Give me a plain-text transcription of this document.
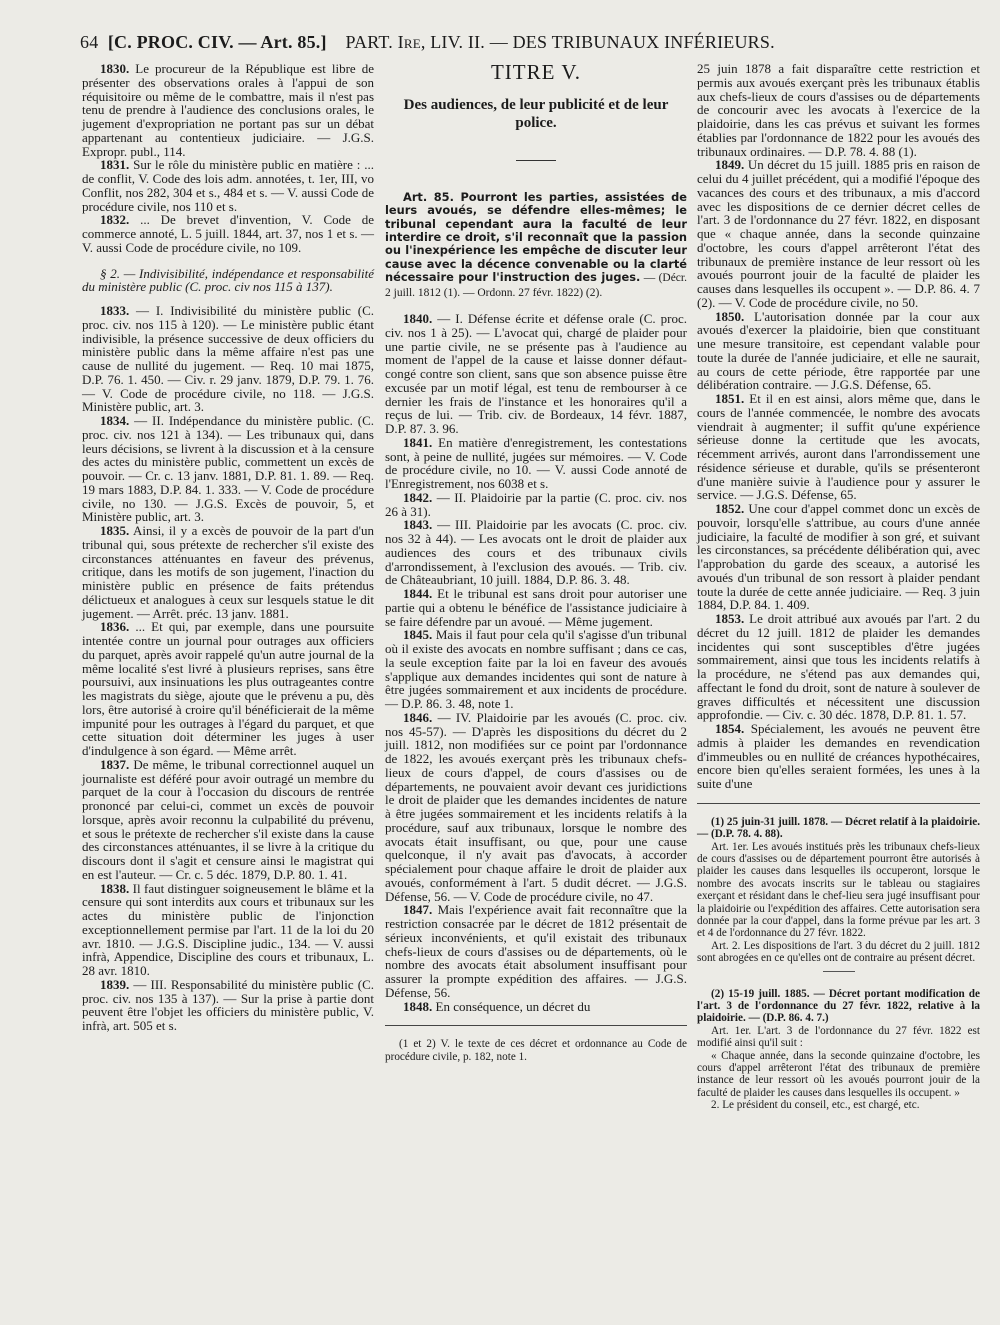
64 [C. PROC. CIV. — Art. 85.] PART. Ire, LIV. II. — DES TRIBUNAUX INFÉRIEURS.

1830. Le procureur de la République est libre de présenter des observations orales à l'appui de son réquisitoire ou même de le combattre, mais il n'est pas tenu de prendre à l'audience des conclusions orales, le jugement d'expropriation ne portant pas sur un débat appartenant au contentieux judiciaire. — J.G.S. Expropr. publ., 114.

1831. Sur le rôle du ministère public en matière : ... de conflit, V. Code des lois adm. annotées, t. 1er, III, vo Conflit, nos 282, 304 et s., 484 et s. — V. aussi Code de procédure civile, nos 110 et s.

1832. ... De brevet d'invention, V. Code de commerce annoté, L. 5 juill. 1844, art. 37, nos 1 et s. — V. aussi Code de procédure civile, no 109.

§ 2. — Indivisibilité, indépendance et responsabilité du ministère public (C. proc. civ nos 115 à 137).

1833. — I. Indivisibilité du ministère public (C. proc. civ. nos 115 à 120). — Le ministère public étant indivisible, la présence successive de deux officiers du ministère public dans la même affaire n'est pas une cause de nullité du jugement. — Req. 10 mai 1875, D.P. 76. 1. 450. — Civ. r. 29 janv. 1879, D.P. 79. 1. 76. — V. Code de procédure civile, no 118. — J.G.S. Ministère public, art. 3.

1834. — II. Indépendance du ministère public. (C. proc. civ. nos 121 à 134). — Les tribunaux qui, dans leurs décisions, se livrent à la discussion et à la censure des actes du ministère public, commettent un excès de pouvoir. — Cr. c. 13 janv. 1881, D.P. 81. 1. 89. — Req. 19 mars 1883, D.P. 84. 1. 333. — V. Code de procédure civile, no 130. — J.G.S. Excès de pouvoir, 5, et Ministère public, art. 3.

1835. Ainsi, il y a excès de pouvoir de la part d'un tribunal qui, sous prétexte de rechercher s'il existe des circonstances atténuantes en faveur des prévenus, critique, dans les motifs de son jugement, l'inaction du ministère public en présence de faits prétendus délictueux et analogues à ceux sur lesquels statue le dit jugement. — Arrêt. préc. 13 janv. 1881.

1836. ... Et qui, par exemple, dans une poursuite intentée contre un journal pour outrages aux officiers du parquet, après avoir rappelé qu'un autre journal de la même localité s'est livré à plusieurs reprises, sans être poursuivi, aux insinuations les plus outrageantes contre les magistrats du siège, ajoute que le prévenu a pu, dès lors, être autorisé à croire qu'il bénéficierait de la même impunité pour les outrages à l'égard du parquet, et que cette situation doit déterminer les juges à user d'indulgence à son égard. — Même arrêt.

1837. De même, le tribunal correctionnel auquel un journaliste est déféré pour avoir outragé un membre du parquet de la cour à l'occasion du discours de rentrée prononcé par celui-ci, commet un excès de pouvoir lorsque, après avoir reconnu la culpabilité du prévenu, et sous le prétexte de rechercher s'il existe dans la cause des circonstances atténuantes, il se livre à la critique du discours dont il s'agit et censure ainsi le magistrat qui en est l'auteur. — Cr. c. 5 déc. 1879, D.P. 80. 1. 41.

1838. Il faut distinguer soigneusement le blâme et la censure qui sont interdits aux cours et tribunaux sur les actes du ministère public de l'injonction exceptionnellement permise par l'art. 11 de la loi du 20 avr. 1810. — J.G.S. Discipline judic., 134. — V. aussi infrà, Appendice, Discipline des cours et tribunaux, L. 28 avr. 1810.

1839. — III. Responsabilité du ministère public (C. proc. civ. nos 135 à 137). — Sur la prise à partie dont peuvent être l'objet les officiers du ministère public, V. infrà, art. 505 et s.

TITRE V.

Des audiences, de leur publicité et de leur police.

Art. 85. Pourront les parties, assistées de leurs avoués, se défendre elles-mêmes; le tribunal cependant aura la faculté de leur interdire ce droit, s'il reconnaît que la passion ou l'inexpérience les empêche de discuter leur cause avec la décence convenable ou la clarté nécessaire pour l'instruction des juges. — (Décr. 2 juill. 1812 (1). — Ordonn. 27 févr. 1822) (2).

1840. — I. Défense écrite et défense orale (C. proc. civ. nos 1 à 25). — L'avocat qui, chargé de plaider pour une partie civile, ne se présente pas à l'audience au moment de l'appel de la cause et laisse donner défaut-congé contre son client, sans que son absence puisse être excusée par un motif légal, est tenu de rembourser à ce dernier les frais de l'instance et les honoraires qu'il a reçus de lui. — Trib. civ. de Bordeaux, 14 févr. 1887, D.P. 87. 3. 96.

1841. En matière d'enregistrement, les contestations sont, à peine de nullité, jugées sur mémoires. — V. Code de procédure civile, no 10. — V. aussi Code annoté de l'Enregistrement, nos 6038 et s.

1842. — II. Plaidoirie par la partie (C. proc. civ. nos 26 à 31).

1843. — III. Plaidoirie par les avocats (C. proc. civ. nos 32 à 44). — Les avocats ont le droit de plaider aux audiences des cours et des tribunaux civils d'arrondissement, à l'exclusion des avoués. — Trib. civ. de Châteaubriant, 10 juill. 1884, D.P. 86. 3. 48.

1844. Et le tribunal est sans droit pour autoriser une partie qui a obtenu le bénéfice de l'assistance judiciaire à se faire défendre par un avoué. — Même jugement.

1845. Mais il faut pour cela qu'il s'agisse d'un tribunal où il existe des avocats en nombre suffisant ; dans ce cas, la seule exception faite par la loi en faveur des avoués s'applique aux demandes incidentes qui sont de nature à être jugées sommairement et aux incidents de procédure. — D.P. 86. 3. 48, note 1.

1846. — IV. Plaidoirie par les avoués (C. proc. civ. nos 45-57). — D'après les dispositions du décret du 2 juill. 1812, non modifiées sur ce point par l'ordonnance de 1822, les avoués exerçant près les tribunaux chefs-lieux de cours d'appel, de cours d'assises ou de départements, ne pouvaient avoir devant ces juridictions le droit de plaider que les demandes incidentes de nature à être jugées sommairement et les incidents relatifs à la procédure, sauf aux tribunaux, lorsque le nombre des avocats était insuffisant, ou que, pour une cause quelconque, il n'y avait pas d'avocats, à accorder spécialement pour chaque affaire le droit de plaider aux avoués, conformément à l'art. 5 dudit décret. — J.G.S. Défense, 56. — V. Code de procédure civile, no 47.

1847. Mais l'expérience avait fait reconnaître que la restriction consacrée par le décret de 1812 présentait de sérieux inconvénients, et qu'il existait des tribunaux chefs-lieux de cours d'assises ou de départements, où le nombre des avocats était absolument insuffisant pour assurer la prompte expédition des affaires. — J.G.S. Défense, 56.

1848. En conséquence, un décret du

(1 et 2) V. le texte de ces décret et ordonnance au Code de procédure civile, p. 182, note 1.

25 juin 1878 a fait disparaître cette restriction et permis aux avoués exerçant près les tribunaux établis aux chefs-lieux de cours d'assises ou de départements de concourir avec les avocats à l'exercice de la plaidoirie, dans les cas prévus et suivant les formes établies par l'ordonnance de 1822 pour les avoués des tribunaux ordinaires. — D.P. 78. 4. 88 (1).

1849. Un décret du 15 juill. 1885 pris en raison de celui du 4 juillet précédent, qui a modifié l'époque des vacances des cours et des tribunaux, a mis d'accord avec les dispositions de ce dernier décret celles de l'art. 3 de l'ordonnance du 27 févr. 1822, en disposant que « chaque année, dans la seconde quinzaine d'octobre, les cours d'appel arrêteront l'état des tribunaux de première instance de leur ressort où les avoués pourront jouir de la faculté de plaider les causes dans lesquelles ils occupent ». — D.P. 86. 4. 7 (2). — V. Code de procédure civile, no 50.

1850. L'autorisation donnée par la cour aux avoués d'exercer la plaidoirie, bien que constituant une mesure transitoire, est cependant valable pour toute la durée de l'année judiciaire, et elle ne saurait, au cours de cette période, être rapportée par une délibération contraire. — J.G.S. Défense, 65.

1851. Et il en est ainsi, alors même que, dans le cours de l'année commencée, le nombre des avocats viendrait à augmenter; il suffit qu'une expérience sérieuse donne la certitude que les avocats, récemment arrivés, auront dans l'arrondissement une résidence sérieuse et durable, qu'ils se présenteront d'une manière suivie à l'audience pour y assurer le service. — J.G.S. Défense, 65.

1852. Une cour d'appel commet donc un excès de pouvoir, lorsqu'elle s'attribue, au cours d'une année judiciaire, la faculté de modifier à son gré, et suivant les circonstances, sa précédente délibération qui, avec l'approbation du garde des sceaux, a autorisé les avoués d'un tribunal de son ressort à plaider pendant toute la durée de cette année judiciaire. — Req. 3 juin 1884, D.P. 84. 1. 409.

1853. Le droit attribué aux avoués par l'art. 2 du décret du 12 juill. 1812 de plaider les demandes incidentes qui sont susceptibles d'être jugées sommairement, ainsi que tous les incidents relatifs à la procédure, ne s'étend pas aux demandes qui, affectant le fond du droit, sont de nature à soulever de graves difficultés et nécessitent une discussion approfondie. — Civ. c. 30 déc. 1878, D.P. 81. 1. 57.

1854. Spécialement, les avoués ne peuvent être admis à plaider les demandes en revendication d'immeubles ou en nullité de créances hypothécaires, encore bien qu'elles seraient formées, les unes à la suite d'une

(1) 25 juin-31 juill. 1878. — Décret relatif à la plaidoirie. — (D.P. 78. 4. 88).

Art. 1er. Les avoués institués près les tribunaux chefs-lieux de cours d'assises ou de département pourront être autorisés à plaider les causes dans lesquelles ils occuperont, lorsque le nombre des avocats inscrits sur le tableau ou stagiaires exerçant et résidant dans le chef-lieu sera jugé insuffisant pour la plaidoirie ou l'expédition des affaires. Cette autorisation sera donnée par la cour d'appel, dans la forme prévue par les art. 3 et 4 de l'ordonnance du 27 févr. 1822.

Art. 2. Les dispositions de l'art. 3 du décret du 2 juill. 1812 sont abrogées en ce qu'elles ont de contraire au présent décret.

(2) 15-19 juill. 1885. — Décret portant modification de l'art. 3 de l'ordonnance du 27 févr. 1822, relative à la plaidoirie. — (D.P. 86. 4. 7.)

Art. 1er. L'art. 3 de l'ordonnance du 27 févr. 1822 est modifié ainsi qu'il suit :

« Chaque année, dans la seconde quinzaine d'octobre, les cours d'appel arrêteront l'état des tribunaux de première instance de leur ressort où les avoués pourront jouir de la faculté de plaider les causes dans lesquelles ils occupent. »

2. Le président du conseil, etc., est chargé, etc.
